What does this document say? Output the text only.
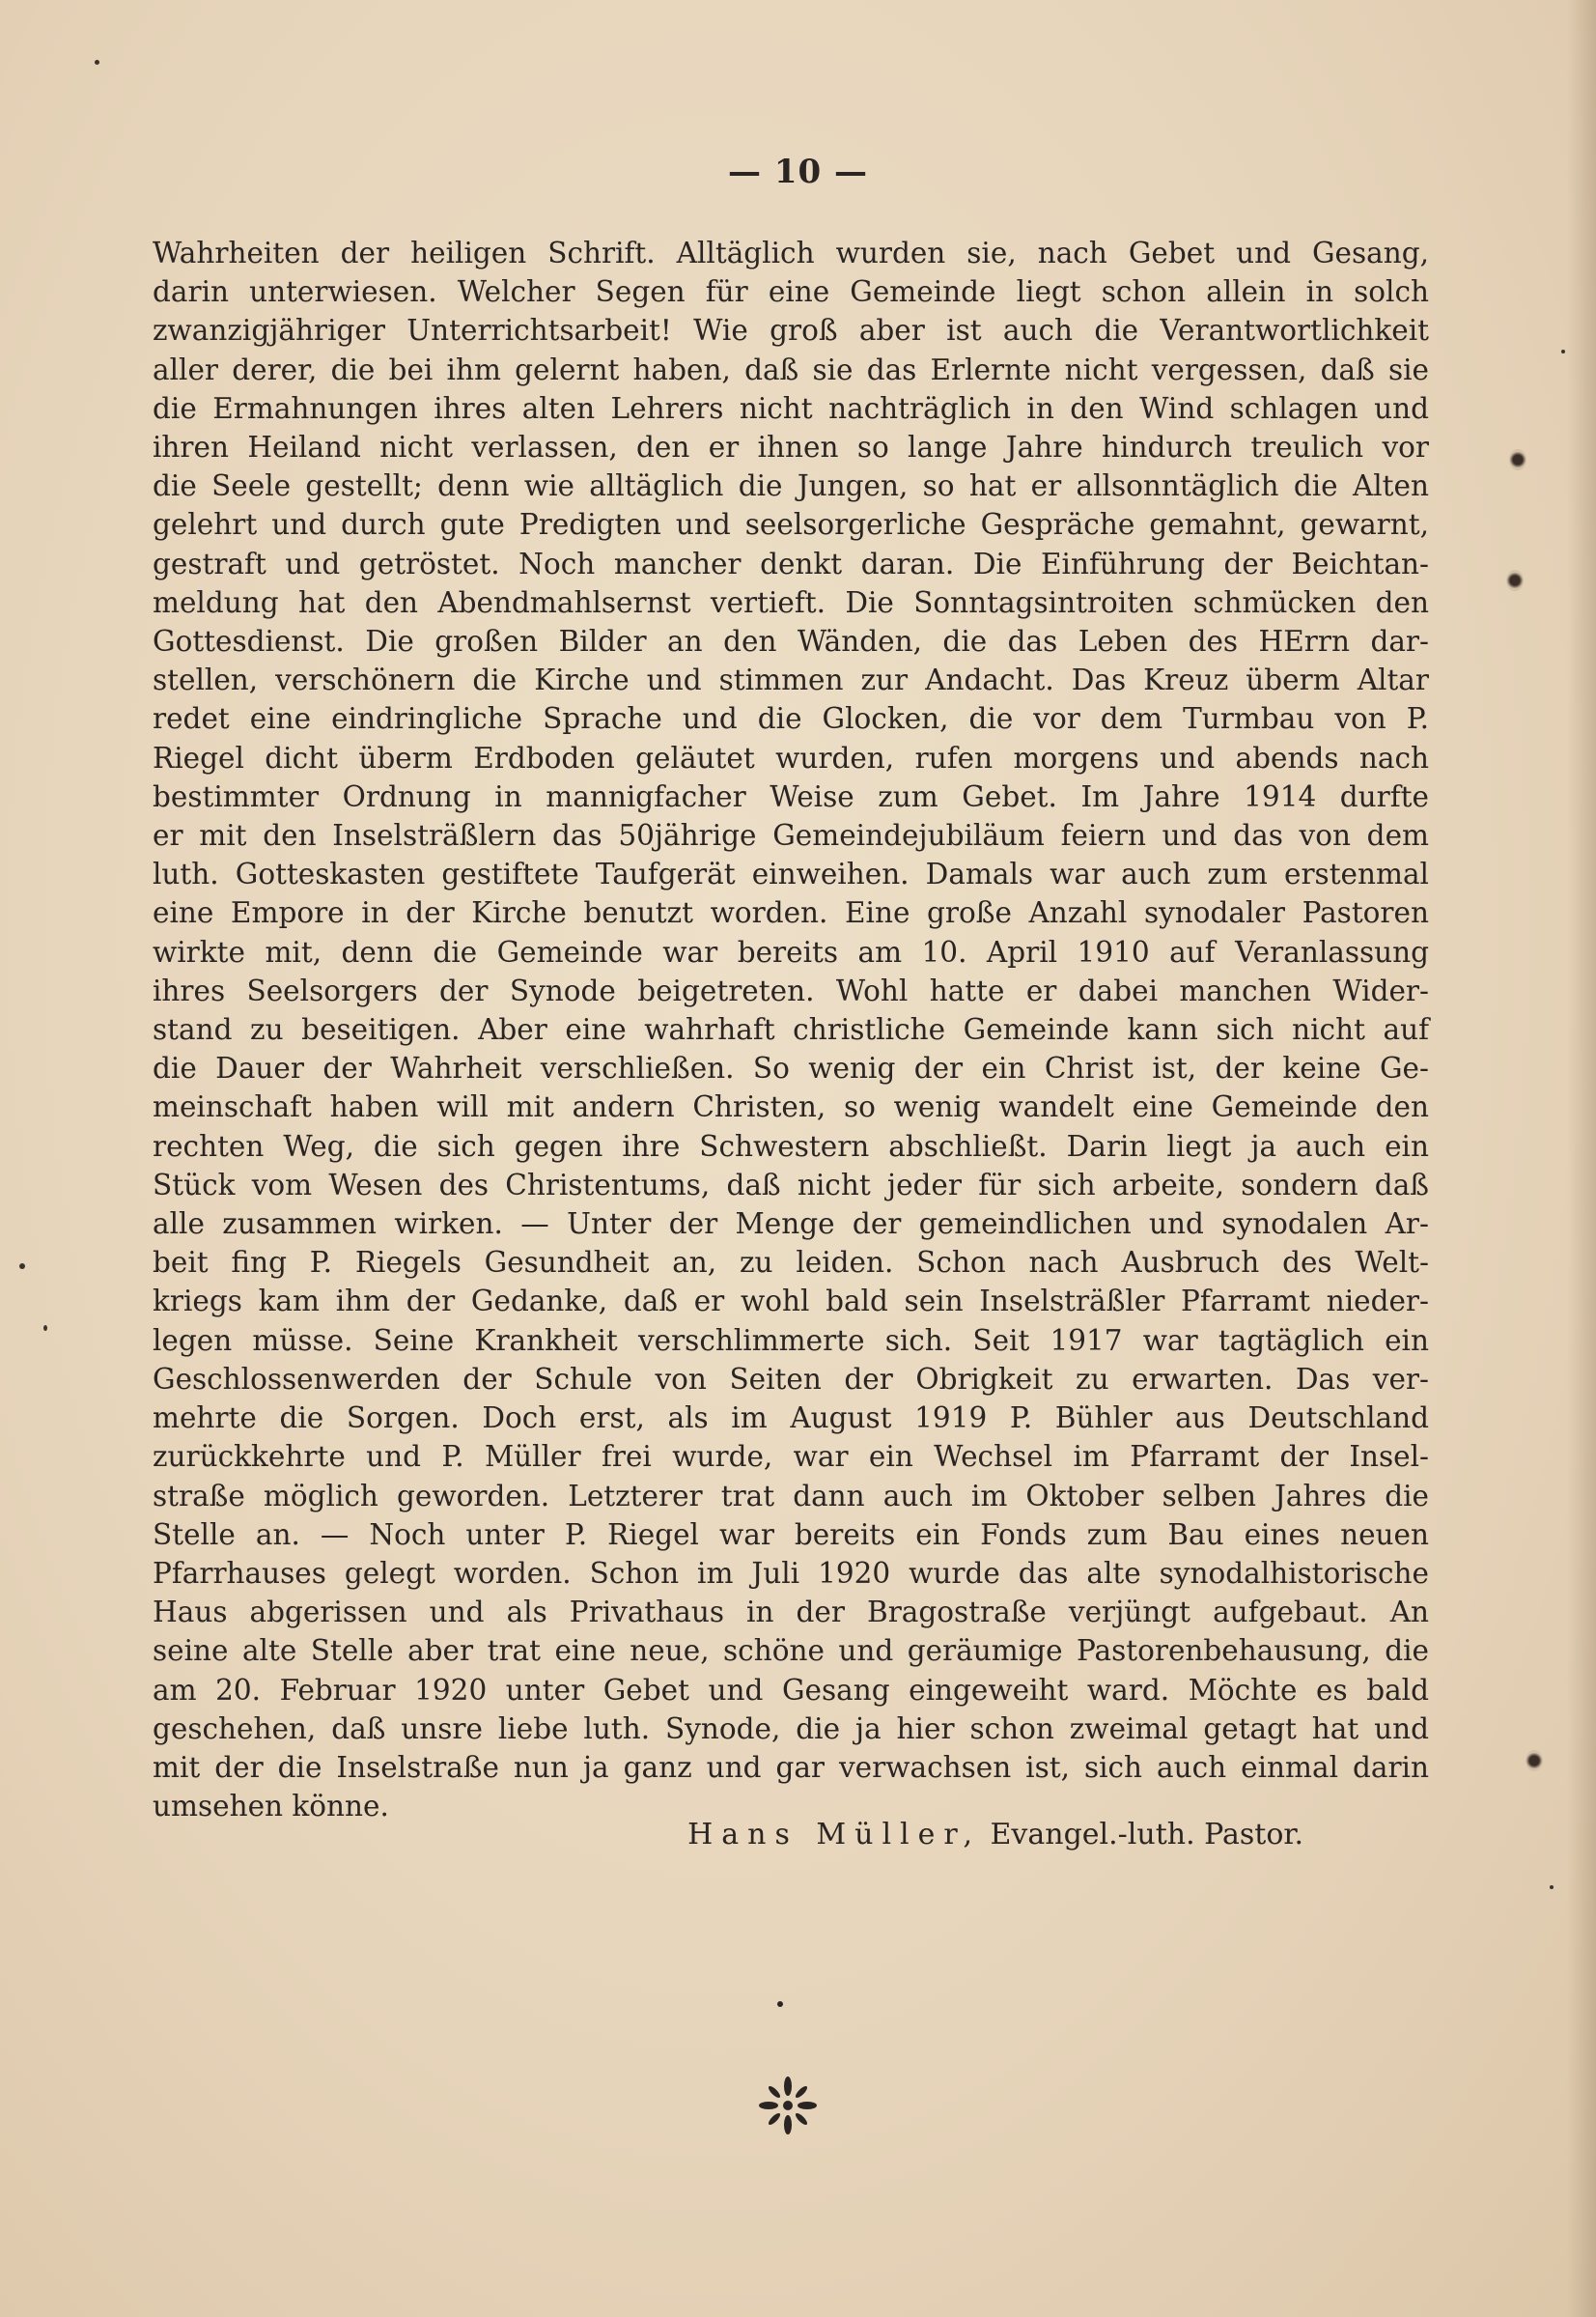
— 10 —
Wahrheiten der heiligen Schrift. Alltäglich wurden sie, nach Gebet und Gesang,
darin unterwiesen. Welcher Segen für eine Gemeinde liegt schon allein in solch
zwanzigjähriger Unterrichtsarbeit! Wie groß aber ist auch die Verantwortlichkeit
aller derer, die bei ihm gelernt haben, daß sie das Erlernte nicht vergessen, daß sie
die Ermahnungen ihres alten Lehrers nicht nachträglich in den Wind schlagen und
ihren Heiland nicht verlassen, den er ihnen so lange Jahre hindurch treulich vor
die Seele gestellt; denn wie alltäglich die Jungen, so hat er allsonntäglich die Alten
gelehrt und durch gute Predigten und seelsorgerliche Gespräche gemahnt, gewarnt,
gestraft und getröstet. Noch mancher denkt daran. Die Einführung der Beichtan-
meldung hat den Abendmahlsernst vertieft. Die Sonntagsintroiten schmücken den
Gottesdienst. Die großen Bilder an den Wänden, die das Leben des HErrn dar-
stellen, verschönern die Kirche und stimmen zur Andacht. Das Kreuz überm Altar
redet eine eindringliche Sprache und die Glocken, die vor dem Turmbau von P.
Riegel dicht überm Erdboden geläutet wurden, rufen morgens und abends nach
bestimmter Ordnung in mannigfacher Weise zum Gebet. Im Jahre 1914 durfte
er mit den Inselsträßlern das 50jährige Gemeindejubiläum feiern und das von dem
luth. Gotteskasten gestiftete Taufgerät einweihen. Damals war auch zum erstenmal
eine Empore in der Kirche benutzt worden. Eine große Anzahl synodaler Pastoren
wirkte mit, denn die Gemeinde war bereits am 10. April 1910 auf Veranlassung
ihres Seelsorgers der Synode beigetreten. Wohl hatte er dabei manchen Wider-
stand zu beseitigen. Aber eine wahrhaft christliche Gemeinde kann sich nicht auf
die Dauer der Wahrheit verschließen. So wenig der ein Christ ist, der keine Ge-
meinschaft haben will mit andern Christen, so wenig wandelt eine Gemeinde den
rechten Weg, die sich gegen ihre Schwestern abschließt. Darin liegt ja auch ein
Stück vom Wesen des Christentums, daß nicht jeder für sich arbeite, sondern daß
alle zusammen wirken. — Unter der Menge der gemeindlichen und synodalen Ar-
beit fing P. Riegels Gesundheit an, zu leiden. Schon nach Ausbruch des Welt-
kriegs kam ihm der Gedanke, daß er wohl bald sein Inselsträßler Pfarramt nieder-
legen müsse. Seine Krankheit verschlimmerte sich. Seit 1917 war tagtäglich ein
Geschlossenwerden der Schule von Seiten der Obrigkeit zu erwarten. Das ver-
mehrte die Sorgen. Doch erst, als im August 1919 P. Bühler aus Deutschland
zurückkehrte und P. Müller frei wurde, war ein Wechsel im Pfarramt der Insel-
straße möglich geworden. Letzterer trat dann auch im Oktober selben Jahres die
Stelle an. — Noch unter P. Riegel war bereits ein Fonds zum Bau eines neuen
Pfarrhauses gelegt worden. Schon im Juli 1920 wurde das alte synodalhistorische
Haus abgerissen und als Privathaus in der Bragostraße verjüngt aufgebaut. An
seine alte Stelle aber trat eine neue, schöne und geräumige Pastorenbehausung, die
am 20. Februar 1920 unter Gebet und Gesang eingeweiht ward. Möchte es bald
geschehen, daß unsre liebe luth. Synode, die ja hier schon zweimal getagt hat und
mit der die Inselstraße nun ja ganz und gar verwachsen ist, sich auch einmal darin
umsehen könne.
Hans Müller, Evangel.-luth. Pastor.
